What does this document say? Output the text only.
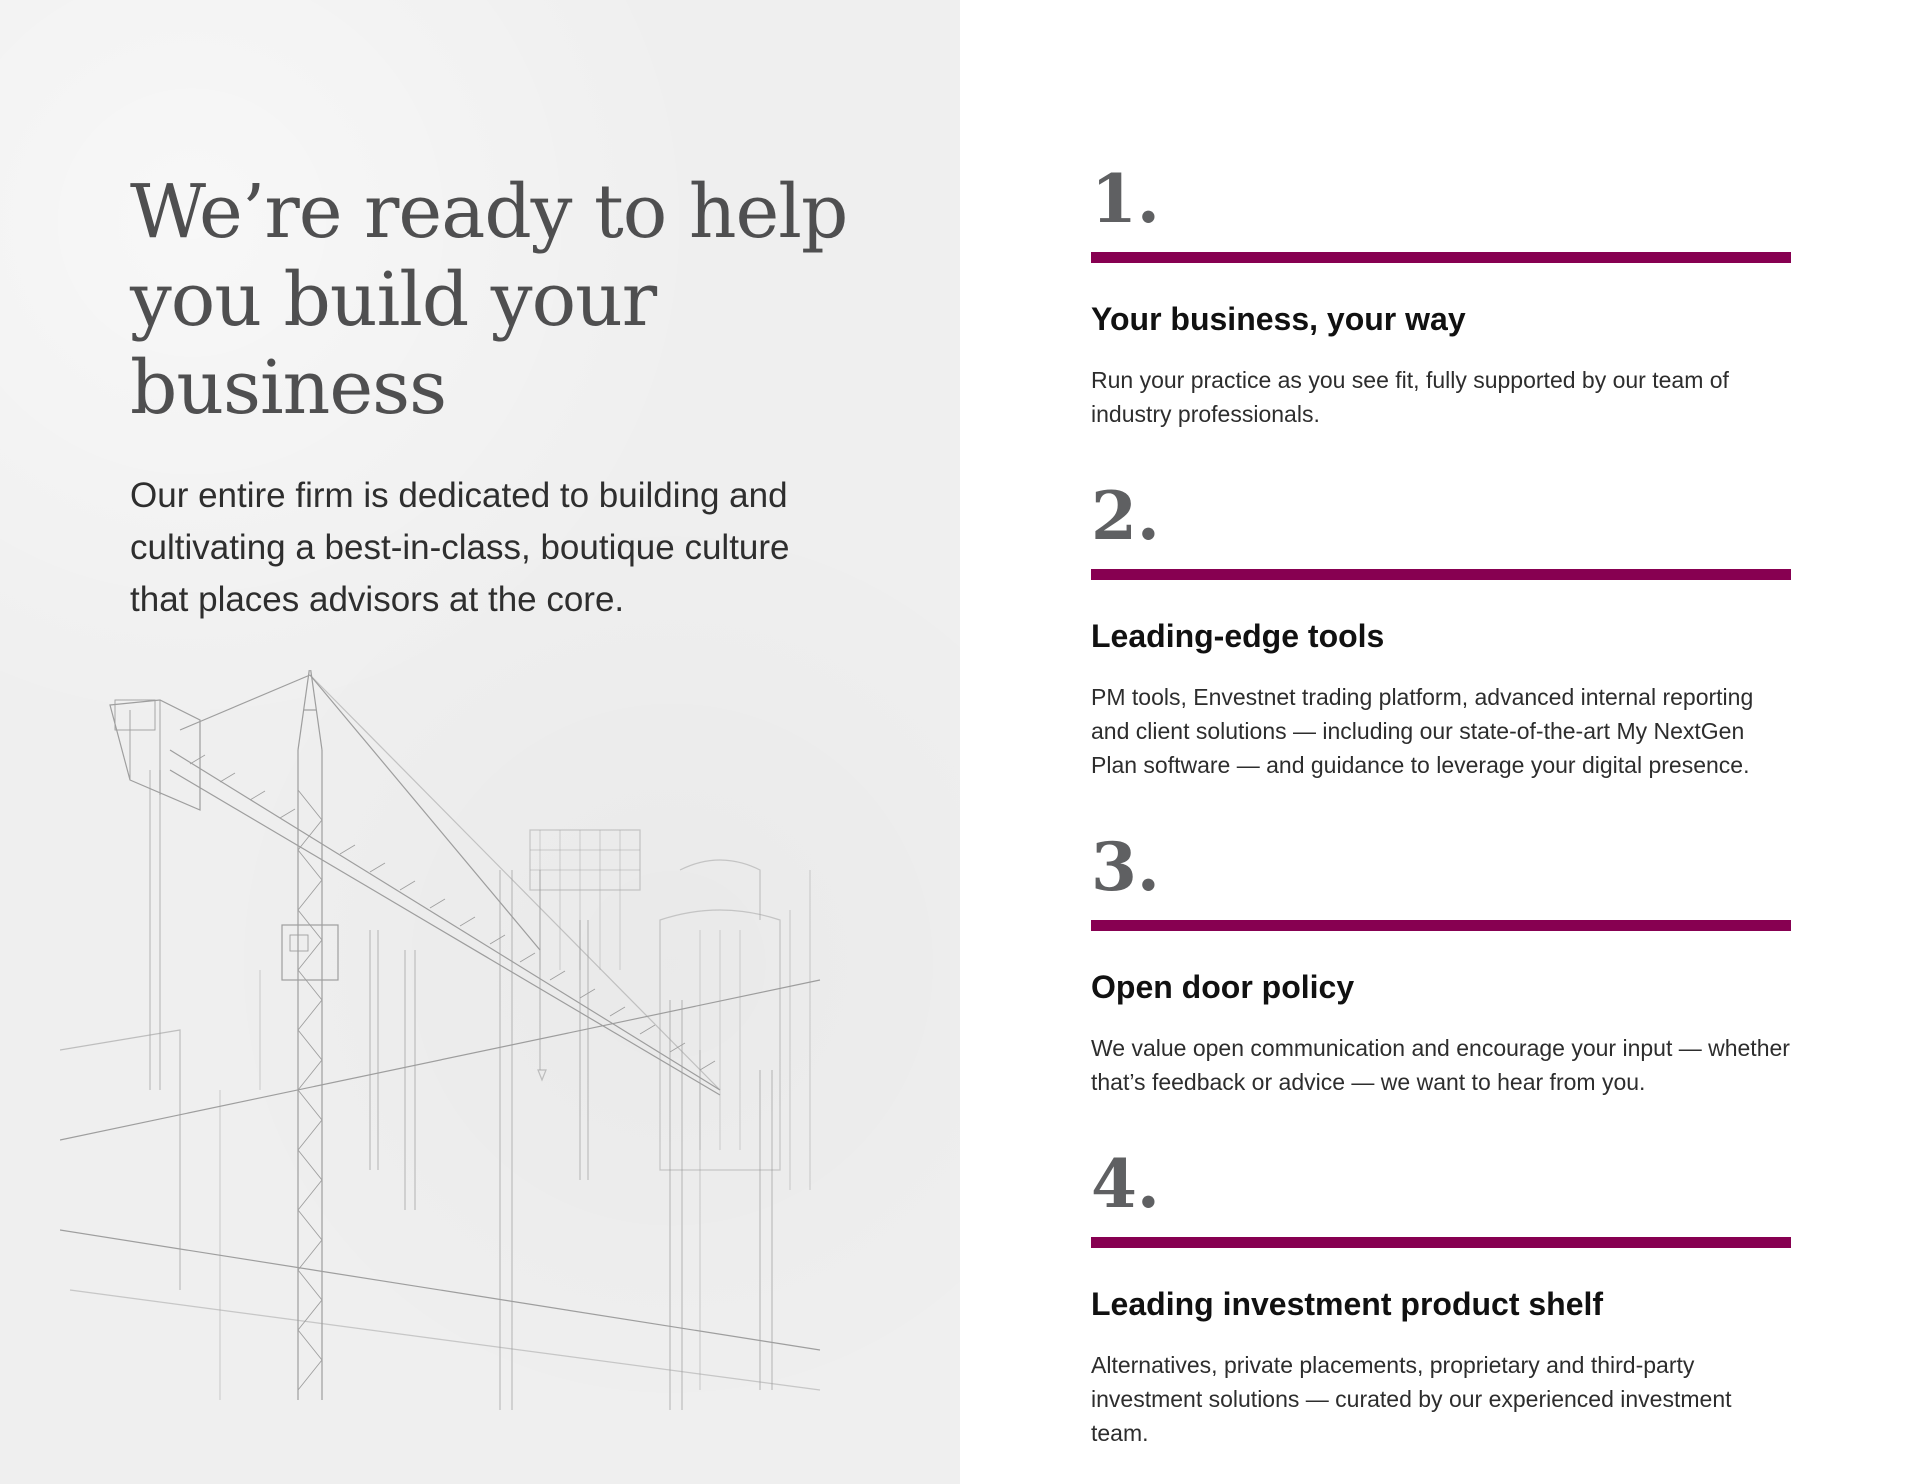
We’re ready to help you build your business

Our entire firm is dedicated to building and cultivating a best-in-class, boutique culture that places advisors at the core.

1.
Your business, your way

Run your practice as you see fit, fully supported by our team of industry professionals.

2.
Leading-edge tools

PM tools, Envestnet trading platform, advanced internal reporting and client solutions — including our state-of-the-art My NextGen Plan software — and guidance to leverage your digital presence.

3.
Open door policy

We value open communication and encourage your input — whether that’s feedback or advice — we want to hear from you.

4.
Leading investment product shelf

Alternatives, private placements, proprietary and third-party investment solutions — curated by our experienced investment team.
